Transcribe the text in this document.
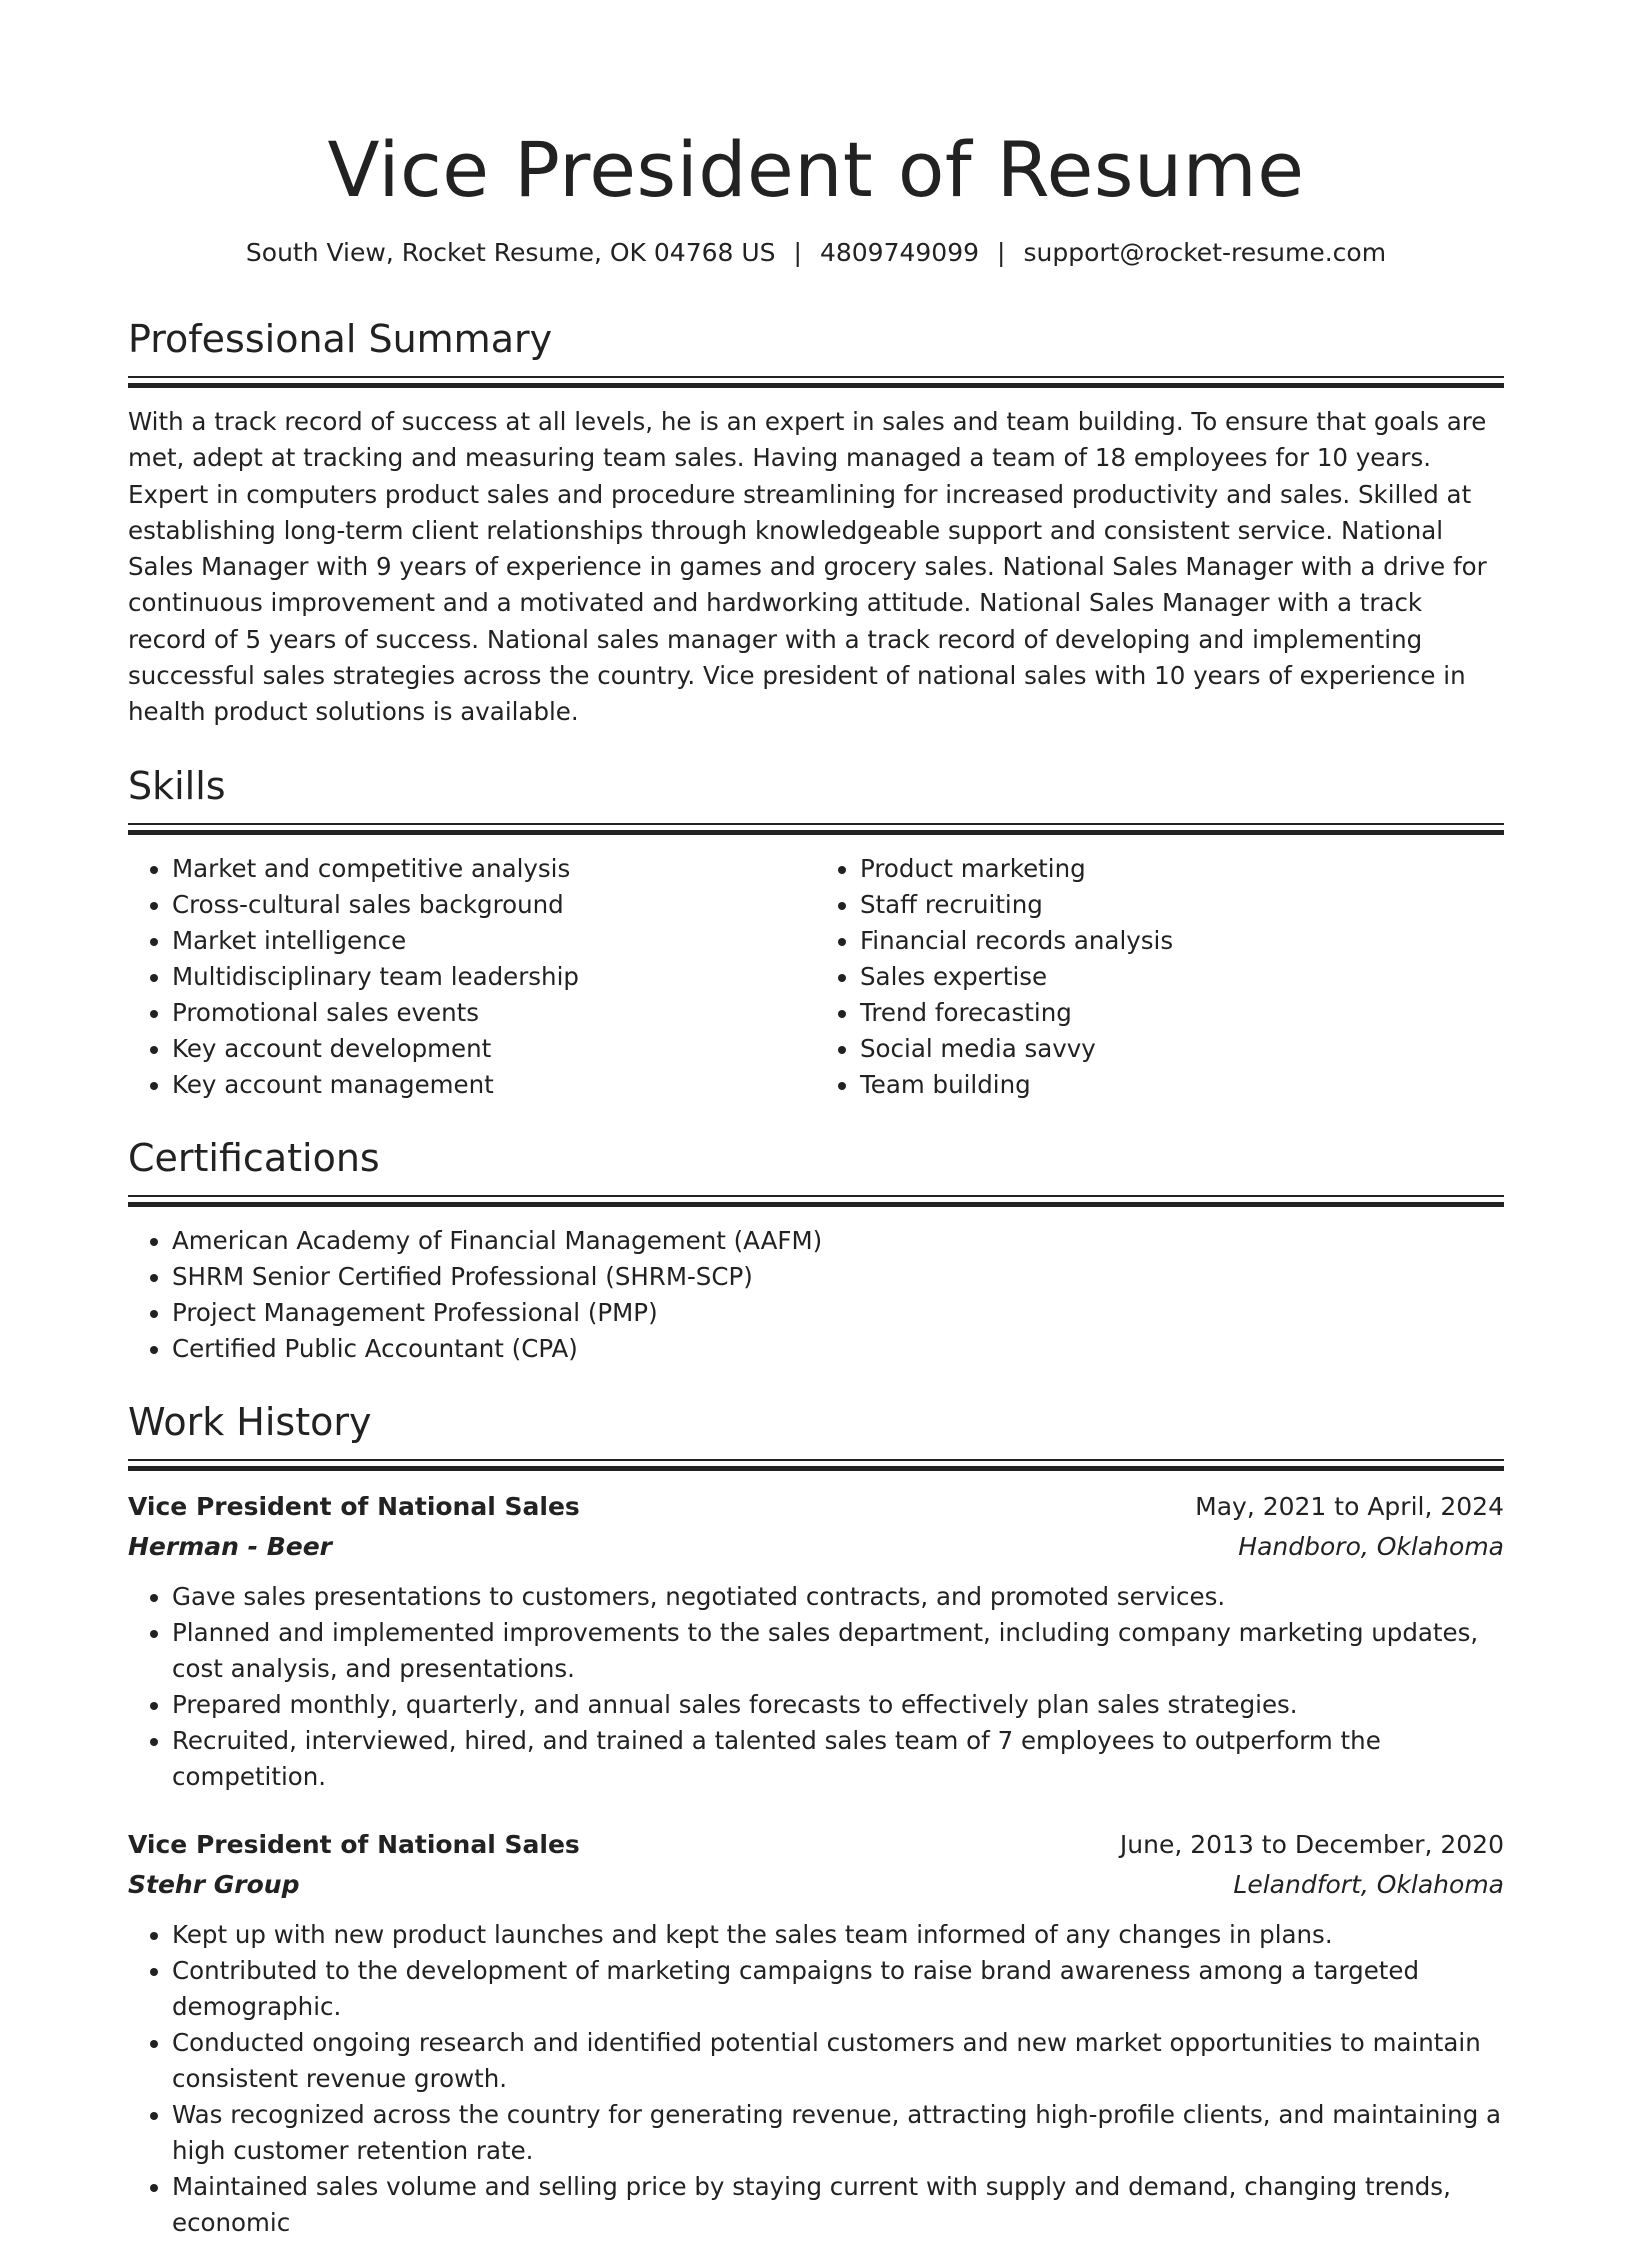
Vice President of Resume
South View, Rocket Resume, OK 04768 US | 4809749099 | support@rocket-resume.com
Professional Summary

With a track record of success at all levels, he is an expert in sales and team building. To ensure that goals are met, adept at tracking and measuring team sales. Having managed a team of 18 employees for 10 years. Expert in computers product sales and procedure streamlining for increased productivity and sales. Skilled at establishing long-term client relationships through knowledgeable support and consistent service. National Sales Manager with 9 years of experience in games and grocery sales. National Sales Manager with a drive for continuous improvement and a motivated and hardworking attitude. National Sales Manager with a track record of 5 years of success. National sales manager with a track record of developing and implementing successful sales strategies across the country. Vice president of national sales with 10 years of experience in health product solutions is available.

Skills
• Market and competitive analysis
• Cross-cultural sales background
• Market intelligence
• Multidisciplinary team leadership
• Promotional sales events
• Key account development
• Key account management
• Product marketing
• Staff recruiting
• Financial records analysis
• Sales expertise
• Trend forecasting
• Social media savvy
• Team building
Certifications
• American Academy of Financial Management (AAFM)
• SHRM Senior Certified Professional (SHRM-SCP)
• Project Management Professional (PMP)
• Certified Public Accountant (CPA)
Work History
Vice President of National Sales	May, 2021 to April, 2024
Herman - Beer	Handboro, Oklahoma
• Gave sales presentations to customers, negotiated contracts, and promoted services.
• Planned and implemented improvements to the sales department, including company marketing updates, cost analysis, and presentations.
• Prepared monthly, quarterly, and annual sales forecasts to effectively plan sales strategies.
• Recruited, interviewed, hired, and trained a talented sales team of 7 employees to outperform the competition.
Vice President of National Sales	June, 2013 to December, 2020
Stehr Group	Lelandfort, Oklahoma
• Kept up with new product launches and kept the sales team informed of any changes in plans.
• Contributed to the development of marketing campaigns to raise brand awareness among a targeted demographic.
• Conducted ongoing research and identified potential customers and new market opportunities to maintain consistent revenue growth.
• Was recognized across the country for generating revenue, attracting high-profile clients, and maintaining a high customer retention rate.
• Maintained sales volume and selling price by staying current with supply and demand, changing trends, economic
